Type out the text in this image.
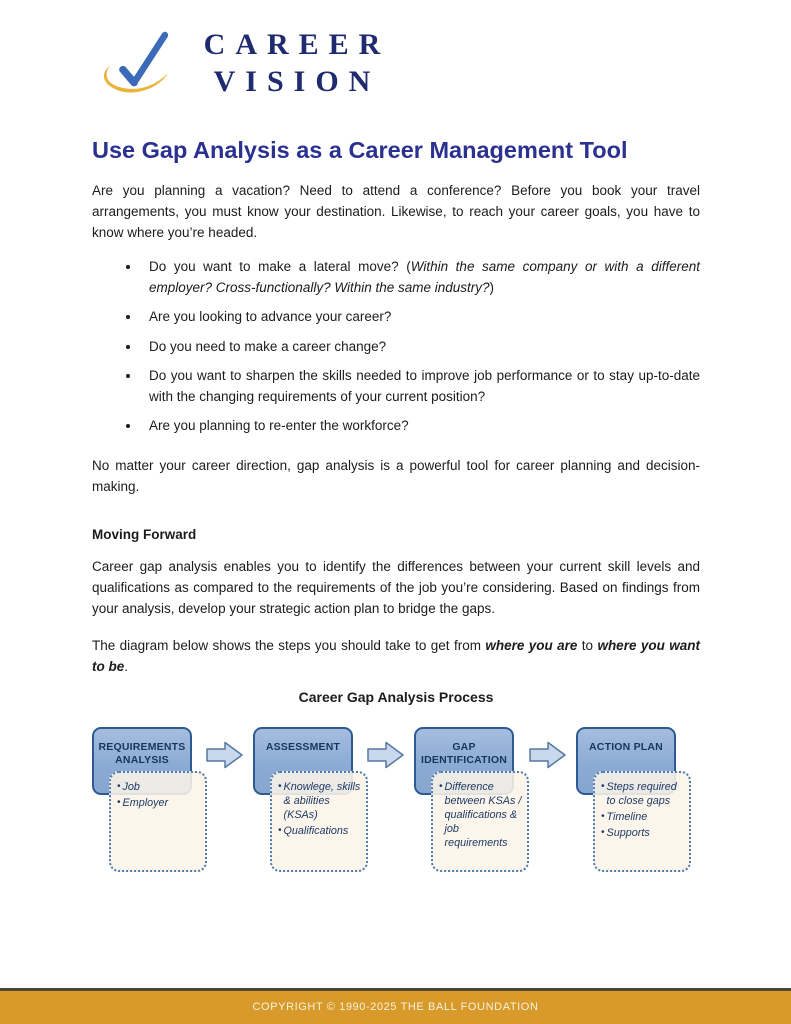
CAREER
VISION
Use Gap Analysis as a Career Management Tool

Are you planning a vacation? Need to attend a conference? Before you book your travel arrangements, you must know your destination. Likewise, to reach your career goals, you have to know where you’re headed.

• Do you want to make a lateral move? (Within the same company or with a different employer? Cross-functionally? Within the same industry?)
• Are you looking to advance your career?
• Do you need to make a career change?
• Do you want to sharpen the skills needed to improve job performance or to stay up-to-date with the changing requirements of your current position?
• Are you planning to re-enter the workforce?

No matter your career direction, gap analysis is a powerful tool for career planning and decision-making.

Moving Forward

Career gap analysis enables you to identify the differences between your current skill levels and qualifications as compared to the requirements of the job you’re considering. Based on findings from your analysis, develop your strategic action plan to bridge the gaps.

The diagram below shows the steps you should take to get from where you are to where you want to be.

Career Gap Analysis Process
REQUIREMENTS ANALYSIS
• Job
• Employer
ASSESSMENT
• Knowlege, skills & abilities (KSAs)
• Qualifications
GAP IDENTIFICATION
• Difference between KSAs / qualifications & job requirements
ACTION PLAN
• Steps required to close gaps
• Timeline
• Supports
COPYRIGHT © 1990-2025 THE BALL FOUNDATION
